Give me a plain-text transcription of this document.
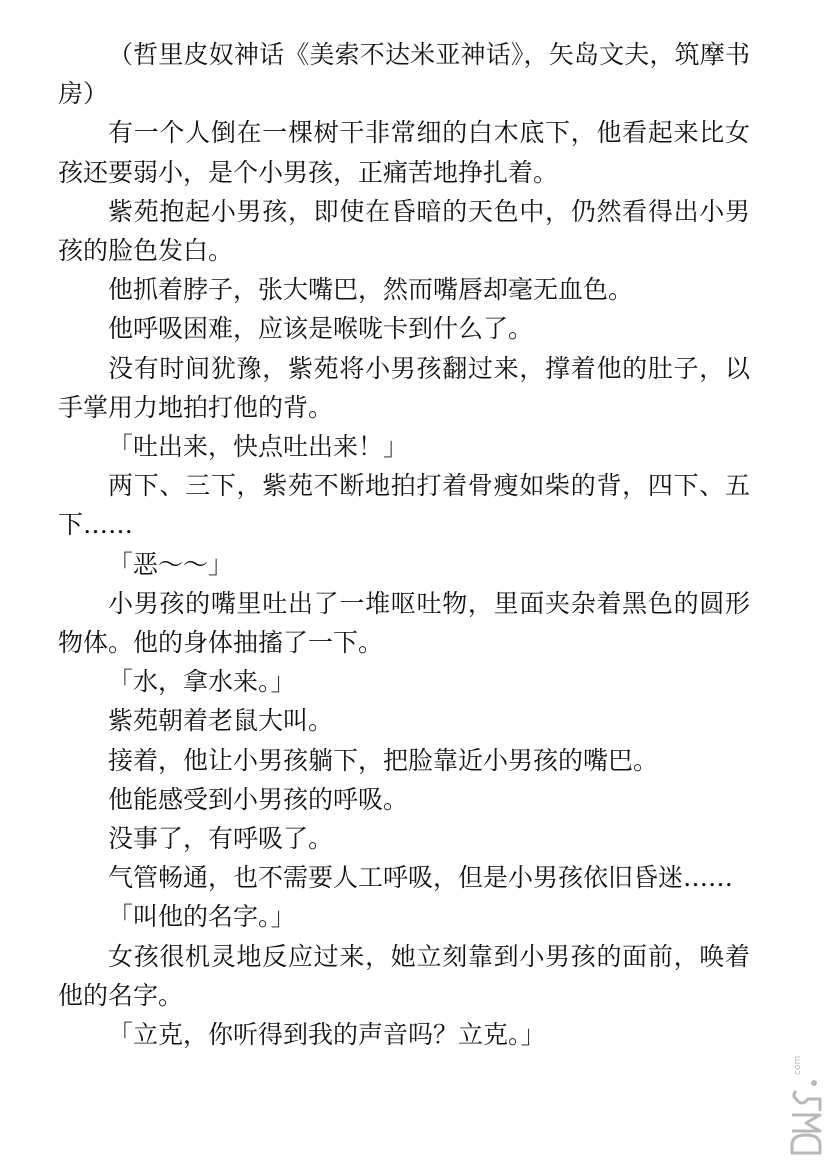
（哲里皮奴神话《美索不达米亚神话》，矢岛文夫，筑摩书房）

有一个人倒在一棵树干非常细的白木底下，他看起来比女孩还要弱小，是个小男孩，正痛苦地挣扎着。

紫苑抱起小男孩，即使在昏暗的天色中，仍然看得出小男孩的脸色发白。

他抓着脖子，张大嘴巴，然而嘴唇却毫无血色。

他呼吸困难，应该是喉咙卡到什么了。

没有时间犹豫，紫苑将小男孩翻过来，撑着他的肚子，以手掌用力地拍打他的背。

「吐出来，快点吐出来！」

两下、三下，紫苑不断地拍打着骨瘦如柴的背，四下、五下……

「恶～～」

小男孩的嘴里吐出了一堆呕吐物，里面夹杂着黑色的圆形物体。他的身体抽搐了一下。

「水，拿水来。」

紫苑朝着老鼠大叫。

接着，他让小男孩躺下，把脸靠近小男孩的嘴巴。

他能感受到小男孩的呼吸。

没事了，有呼吸了。

气管畅通，也不需要人工呼吸，但是小男孩依旧昏迷……

「叫他的名字。」

女孩很机灵地反应过来，她立刻靠到小男孩的面前，唤着他的名字。

「立克，你听得到我的声音吗？立克。」

com
